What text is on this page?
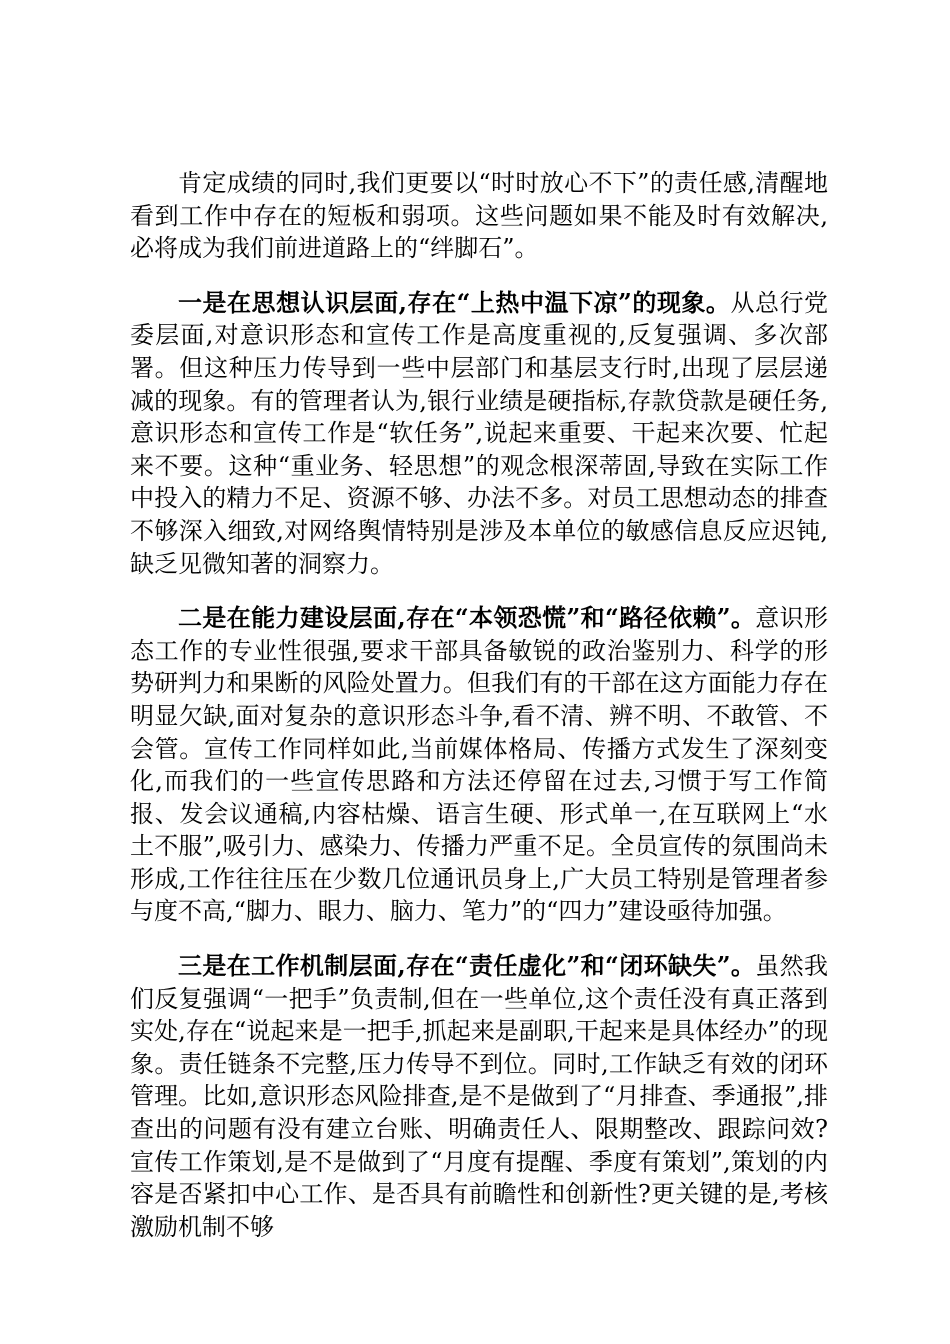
肯定成绩的同时,我们更要以“时时放心不下”的责任感,清醒地看到工作中存在的短板和弱项。这些问题如果不能及时有效解决,必将成为我们前进道路上的“绊脚石”。

一是在思想认识层面,存在“上热中温下凉”的现象。从总行党委层面,对意识形态和宣传工作是高度重视的,反复强调、多次部署。但这种压力传导到一些中层部门和基层支行时,出现了层层递减的现象。有的管理者认为,银行业绩是硬指标,存款贷款是硬任务,意识形态和宣传工作是“软任务”,说起来重要、干起来次要、忙起来不要。这种“重业务、轻思想”的观念根深蒂固,导致在实际工作中投入的精力不足、资源不够、办法不多。对员工思想动态的排查不够深入细致,对网络舆情特别是涉及本单位的敏感信息反应迟钝,缺乏见微知著的洞察力。

二是在能力建设层面,存在“本领恐慌”和“路径依赖”。意识形态工作的专业性很强,要求干部具备敏锐的政治鉴别力、科学的形势研判力和果断的风险处置力。但我们有的干部在这方面能力存在明显欠缺,面对复杂的意识形态斗争,看不清、辨不明、不敢管、不会管。宣传工作同样如此,当前媒体格局、传播方式发生了深刻变化,而我们的一些宣传思路和方法还停留在过去,习惯于写工作简报、发会议通稿,内容枯燥、语言生硬、形式单一,在互联网上“水土不服”,吸引力、感染力、传播力严重不足。全员宣传的氛围尚未形成,工作往往压在少数几位通讯员身上,广大员工特别是管理者参与度不高,“脚力、眼力、脑力、笔力”的“四力”建设亟待加强。

三是在工作机制层面,存在“责任虚化”和“闭环缺失”。虽然我们反复强调“一把手”负责制,但在一些单位,这个责任没有真正落到实处,存在“说起来是一把手,抓起来是副职,干起来是具体经办”的现象。责任链条不完整,压力传导不到位。同时,工作缺乏有效的闭环管理。比如,意识形态风险排查,是不是做到了“月排查、季通报”,排查出的问题有没有建立台账、明确责任人、限期整改、跟踪问效?宣传工作策划,是不是做到了“月度有提醒、季度有策划”,策划的内容是否紧扣中心工作、是否具有前瞻性和创新性?更关键的是,考核激励机制不够
